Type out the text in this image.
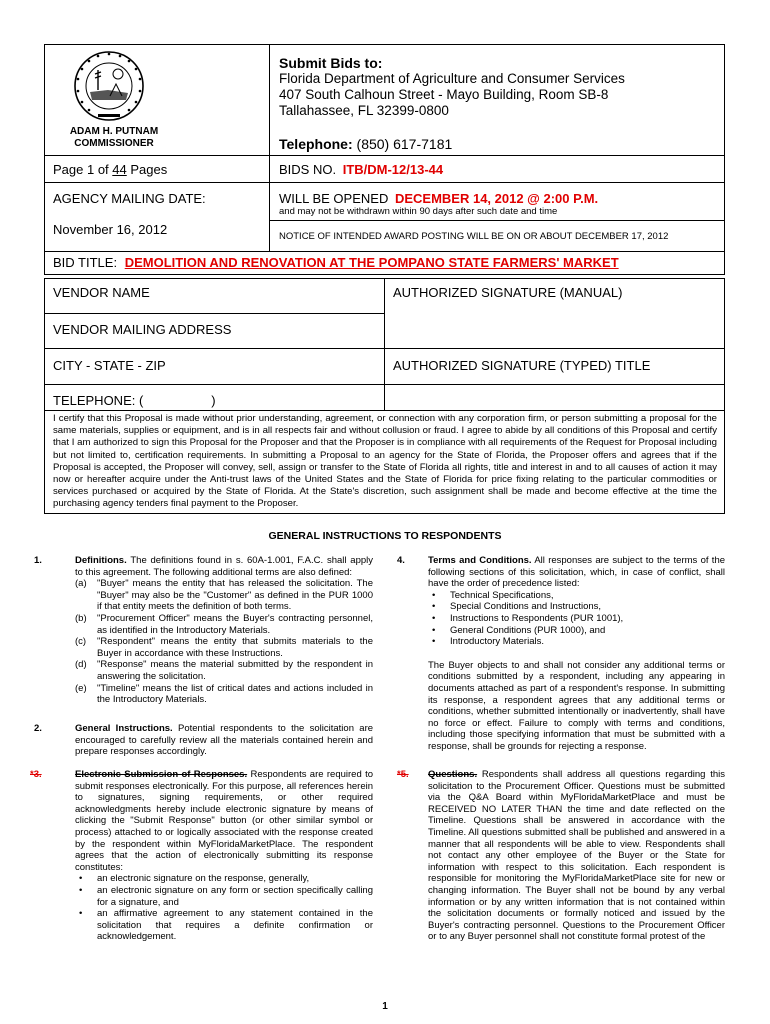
ADAM H. PUTNAM
COMMISSIONER
Submit Bids to:
Florida Department of Agriculture and Consumer Services
407 South Calhoun Street - Mayo Building, Room SB-8
Tallahassee, FL 32399-0800
Telephone: (850) 617-7181
Page 1 of 44 Pages	BIDS NO. ITB/DM-12/13-44
AGENCY MAILING DATE:
November 16, 2012
WILL BE OPENED DECEMBER 14, 2012 @ 2:00 P.M.
and may not be withdrawn within 90 days after such date and time
NOTICE OF INTENDED AWARD POSTING WILL BE ON OR ABOUT DECEMBER 17, 2012
BID TITLE: DEMOLITION AND RENOVATION AT THE POMPANO STATE FARMERS' MARKET
VENDOR NAME	AUTHORIZED SIGNATURE (MANUAL)
VENDOR MAILING ADDRESS
CITY - STATE - ZIP	AUTHORIZED SIGNATURE (TYPED) TITLE
TELEPHONE: (	)
I certify that this Proposal is made without prior understanding, agreement, or connection with any corporation firm, or person submitting a proposal for the same materials, supplies or equipment, and is in all respects fair and without collusion or fraud. I agree to abide by all conditions of this Proposal and certify that I am authorized to sign this Proposal for the Proposer and that the Proposer is in compliance with all requirements of the Request for Proposal including but not limited to, certification requirements. In submitting a Proposal to an agency for the State of Florida, the Proposer offers and agrees that if the Proposal is accepted, the Proposer will convey, sell, assign or transfer to the State of Florida all rights, title and interest in and to all causes of action it may now or hereafter acquire under the Anti-trust laws of the United States and the State of Florida for price fixing relating to the particular commodities or services purchased or acquired by the State of Florida. At the State's discretion, such assignment shall be made and become effective at the time the purchasing agency tenders final payment to the Proposer.
GENERAL INSTRUCTIONS TO RESPONDENTS
1.	Definitions. The definitions found in s. 60A-1.001, F.A.C. shall apply to this agreement. The following additional terms are also defined:

(a) "Buyer" means the entity that has released the solicitation. The "Buyer" may also be the "Customer" as defined in the PUR 1000 if that entity meets the definition of both terms.
(b) "Procurement Officer" means the Buyer's contracting personnel, as identified in the Introductory Materials.
(c) "Respondent" means the entity that submits materials to the Buyer in accordance with these Instructions.
(d) "Response" means the material submitted by the respondent in answering the solicitation.
(e) "Timeline" means the list of critical dates and actions included in the Introductory Materials.
2.	General Instructions. Potential respondents to the solicitation are encouraged to carefully review all the materials contained herein and prepare responses accordingly.

*3.	Electronic Submission of Responses. Respondents are required to submit responses electronically. For this purpose, all references herein to signatures, signing requirements, or other required acknowledgments hereby include electronic signature by means of clicking the "Submit Response" button (or other similar symbol or process) attached to or logically associated with the response created by the respondent within MyFloridaMarketPlace. The respondent agrees that the action of electronically submitting its response constitutes:

• an electronic signature on the response, generally,
• an electronic signature on any form or section specifically calling for a signature, and
• an affirmative agreement to any statement contained in the solicitation that requires a definite confirmation or acknowledgement.
4. Terms and Conditions. All responses are subject to the terms of the following sections of this solicitation, which, in case of conflict, shall have the order of precedence listed:

• Technical Specifications,
• Special Conditions and Instructions,
• Instructions to Respondents (PUR 1001),
• General Conditions (PUR 1000), and
• Introductory Materials.

The Buyer objects to and shall not consider any additional terms or conditions submitted by a respondent, including any appearing in documents attached as part of a respondent's response. In submitting its response, a respondent agrees that any additional terms or conditions, whether submitted intentionally or inadvertently, shall have no force or effect. Failure to comply with terms and conditions, including those specifying information that must be submitted with a response, shall be grounds for rejecting a response.

*5. Questions. Respondents shall address all questions regarding this solicitation to the Procurement Officer. Questions must be submitted via the Q&A Board within MyFloridaMarketPlace and must be RECEIVED NO LATER THAN the time and date reflected on the Timeline. Questions shall be answered in accordance with the Timeline. All questions submitted shall be published and answered in a manner that all respondents will be able to view. Respondents shall not contact any other employee of the Buyer or the State for information with respect to this solicitation. Each respondent is responsible for monitoring the MyFloridaMarketPlace site for new or changing information. The Buyer shall not be bound by any verbal information or by any written information that is not contained within the solicitation documents or formally noticed and issued by the Buyer's contracting personnel. Questions to the Procurement Officer or to any Buyer personnel shall not constitute formal protest of the

1
